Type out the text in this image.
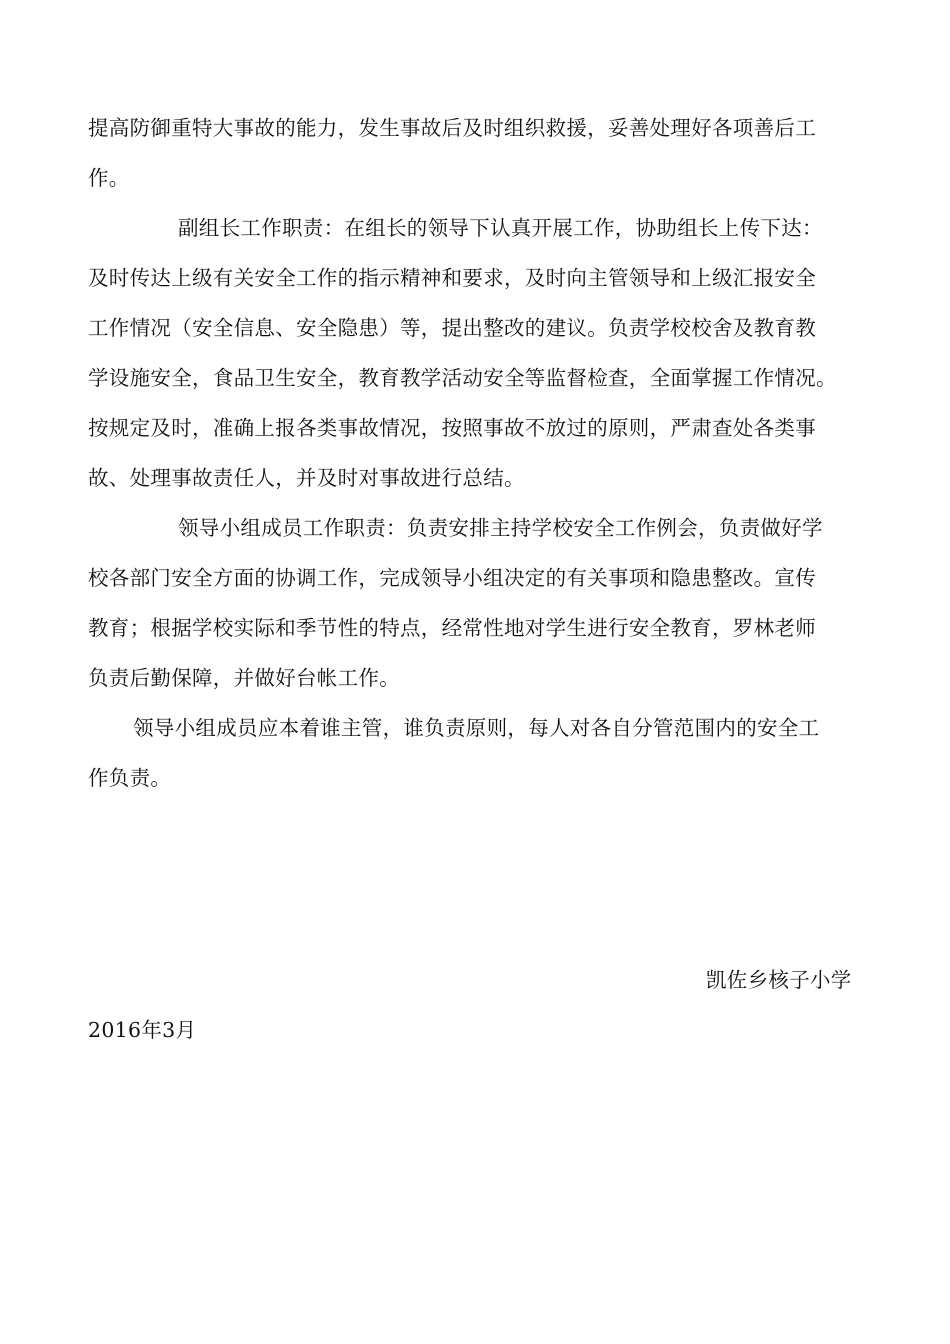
提高防御重特大事故的能力，发生事故后及时组织救援，妥善处理好各项善后工
作。
副组长工作职责：在组长的领导下认真开展工作，协助组长上传下达：
及时传达上级有关安全工作的指示精神和要求，及时向主管领导和上级汇报安全
工作情况（安全信息、安全隐患）等，提出整改的建议。负责学校校舍及教育教
学设施安全，食品卫生安全，教育教学活动安全等监督检查，全面掌握工作情况。
按规定及时，准确上报各类事故情况，按照事故不放过的原则，严肃查处各类事
故、处理事故责任人，并及时对事故进行总结。
领导小组成员工作职责：负责安排主持学校安全工作例会，负责做好学
校各部门安全方面的协调工作，完成领导小组决定的有关事项和隐患整改。宣传
教育；根据学校实际和季节性的特点，经常性地对学生进行安全教育，罗林老师
负责后勤保障，并做好台帐工作。
领导小组成员应本着谁主管，谁负责原则，每人对各自分管范围内的安全工
作负责。
凯佐乡核子小学
2016年3月
